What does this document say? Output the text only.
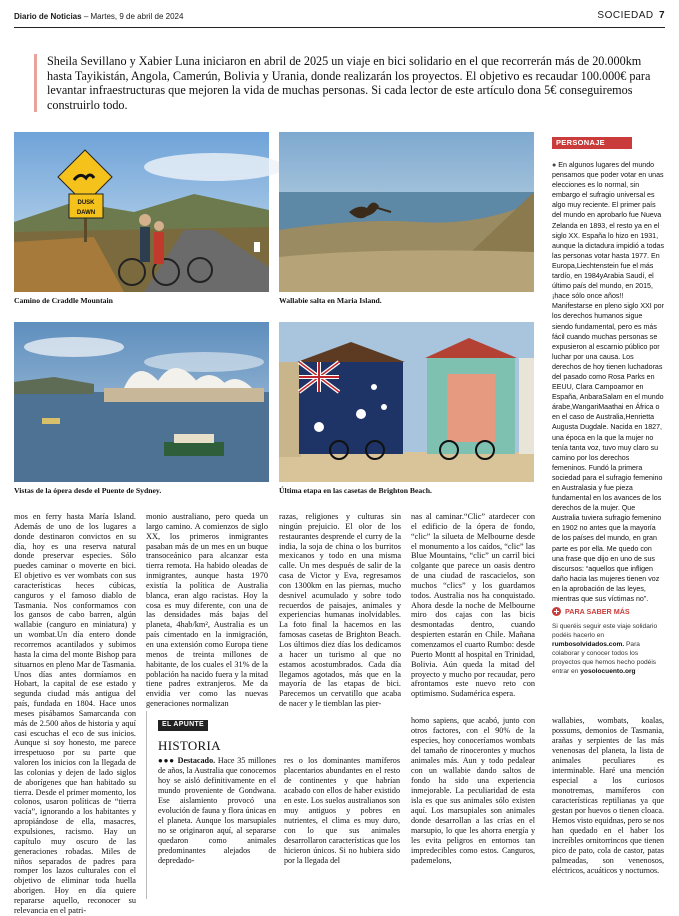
Diario de Noticias – Martes, 9 de abril de 2024	SOCIEDAD 7

Sheila Sevillano y Xabier Luna iniciaron en abril de 2025 un viaje en bici solidario en el que recorrerán más de 20.000km hasta Tayikistán, Angola, Camerún, Bolivia y Urania, donde realizarán los proyectos. El objetivo es recaudar 100.000€ para levantar infraestructuras que mejoren la vida de muchas personas. Si cada lector de este artículo dona 5€ conseguiremos construirlo todo.

DUSK
DAWN
Camino de Craddle Mountain	Wallabie salta en Maria Island.
Vistas de la ópera desde el Puente de Sydney.	Última etapa en las casetas de Brighton Beach.
PERSONAJE
● En algunos lugares del mundo pensamos que poder votar en unas elecciones es lo normal, sin embargo el sufragio universal es algo muy reciente. El primer país del mundo en aprobarlo fue Nueva Zelanda en 1893, el resto ya en el siglo XX. España lo hizo en 1931, aunque la dictadura impidió a todas las personas votar hasta 1977. En Europa,Liechtenstein fue el más tardío, en 1984yArabia Saudí, el último país del mundo, en 2015, ¡hace sólo once años!! Manifestarse en pleno siglo XXI por los derechos humanos sigue siendo fundamental, pero es más fácil cuando muchas personas se expusieron al escarnio público por luchar por una causa. Los derechos de hoy tienen luchadoras del pasado como Rosa Parks en EEUU, Clara Campoamor en España, AnbaraSalam en el mundo árabe,WangariMaathai en África o en el caso de Australia,Henrietta Augusta Dugdale. Nacida en 1827, una época en la que la mujer no tenía tanta voz, tuvo muy claro su camino por los derechos femeninos. Fundó la primera sociedad para el sufragio femenino en Australasia y fue pieza fundamental en los avances de los derechos de la mujer. Que Australia tuviera sufragio femenino en 1902 no antes que la mayoría de los países del mundo, en gran parte es por ella. Me quedo con una frase que dijo en uno de sus discursos: “aquellos que infligen daño hacia las mujeres tienen voz en la aprobación de las leyes, mientras que sus víctimas no”.
PARA SABER MÁS
Si queréis seguir este viaje solidario podéis hacerlo en rumbosolvidados.com. Para colaborar y conocer todos los proyectos que hemos hecho podéis entrar en yosolocuento.org
mos en ferry hasta María Island. Además de uno de los lugares a donde destinaron convictos en su día, hoy es una reserva natural donde preservar especies. Sólo puedes caminar o moverte en bici. El objetivo es ver wombats con sus características heces cúbicas, canguros y el famoso diablo de Tasmania. Nos conformamos con los gansos de cabo barren, algún wallabie (canguro en miniatura) y un wombat.Un día entero donde recorremos acantilados y subimos hasta la cima del monte Bishop para situarnos en pleno Mar de Tasmania. Unos días antes dormíamos en Hobart, la capital de ese estado y segunda ciudad más antigua del país, fundada en 1804. Hace unos meses pisábamos Samarcanda con más de 2.500 años de historia y aquí casi escuchas el eco de sus inicios. Aunque si soy honesto, me parece irrespetuoso por su parte que valoren los inicios con la llegada de las colonias y dejen de lado siglos de aborígenes que han habitado su tierra. Desde el primer momento, los colonos, usaron políticas de “tierra vacía”, ignorando a los habitantes y apropiándose de ella, masacres, expulsiones, racismo. Hay un capítulo muy oscuro de las generaciones robadas. Miles de niños separados de padres para romper los lazos culturales con el objetivo de eliminar toda huella aborigen. Hoy en día quiere repararse aquello, reconocer su relevancia en el patri-
monio australiano, pero queda un largo camino. A comienzos de siglo XX, los primeros inmigrantes pasaban más de un mes en un buque transoceánico para alcanzar esta tierra remota. Ha habido oleadas de inmigrantes, aunque hasta 1970 existía la política de Australia blanca, eran algo racistas. Hoy la cosa es muy diferente, con una de las densidades más bajas del planeta, 4hab/km², Australia es un país cimentado en la inmigración, en una extensión como Europa tiene menos de treinta millones de habitante, de los cuales el 31% de la población ha nacido fuera y la mitad tiene padres extranjeros. Me da envidia ver como las nuevas generaciones normalizan
razas, religiones y culturas sin ningún prejuicio. El olor de los restaurantes desprende el curry de la india, la soja de china o los burritos mexicanos y todo en una misma calle. Un mes después de salir de la casa de Victor y Eva, regresamos con 1300km en las piernas, mucho desnivel acumulado y sobre todo recuerdos de paisajes, animales y experiencias humanas inolvidables. La foto final la hacemos en las famosas casetas de Brighton Beach. Los últimos diez días los dedicamos a hacer un turismo al que no estamos acostumbrados. Cada día llegamos agotados, más que en la mayoría de las etapas de bici. Parecemos un cervatillo que acaba de nacer y le tiemblan las pier-
nas al caminar.“Clic” atardecer con el edificio de la ópera de fondo, “clic” la silueta de Melbourne desde el monumento a los caídos, “clic” las Blue Mountains, “clic” un carril bici colgante que parece un oasis dentro de una ciudad de rascacielos, son muchos “clics” y los guardamos todos. Australia nos ha conquistado. Ahora desde la noche de Melbourne miro dos cajas con las bicis desmontadas dentro, cuando despierten estarán en Chile. Mañana comenzamos el cuarto Rumbo: desde Puerto Montt al hospital en Trinidad, Bolivia. Aún queda la mitad del proyecto y mucho por recaudar, pero afrontamos este nuevo reto con optimismo. Sudamérica espera.
EL APUNTE
HISTORIA
●●● Destacado. Hace 35 millones de años, la Australia que conocemos hoy se aisló definitivamente en el mundo proveniente de Gondwana. Ese aislamiento provocó una evolución de fauna y flora únicas en el planeta. Aunque los marsupiales no se originaron aquí, al separarse quedaron como animales predominantes alejados de depredado-
res o los dominantes mamíferos placentarios abundantes en el resto de continentes y que habrían acabado con ellos de haber existido en este. Los suelos australianos son muy antiguos y pobres en nutrientes, el clima es muy duro, con lo que sus animales desarrollaron características que los hicieron únicos. Si no hubiera sido por la llegada del
homo sapiens, que acabó, junto con otros factores, con el 90% de la especies, hoy conoceríamos wombats del tamaño de rinocerontes y muchos animales más. Aun y todo pedalear con un wallabie dando saltos de fondo ha sido una experiencia inmejorable. La peculiaridad de esta isla es que sus animales sólo existen aquí. Los marsupiales son animales donde desarrollan a las crías en el marsupio, lo que les ahorra energía y les evita peligros en entornos tan impredecibles como estos. Canguros, pademelons,
wallabies, wombats, koalas, possums, demonios de Tasmania, arañas y serpientes de las más venenosas del planeta, la lista de animales peculiares es interminable. Haré una mención especial a los curiosos monotremas, mamíferos con características reptilianas ya que gestan por huevos o tienen cloaca. Hemos visto equidnas, pero se nos han quedado en el haber los increíbles ornitorrincos que tienen pico de pato, cola de castor, patas palmeadas, son venenosos, eléctricos, acuáticos y nocturnos.
